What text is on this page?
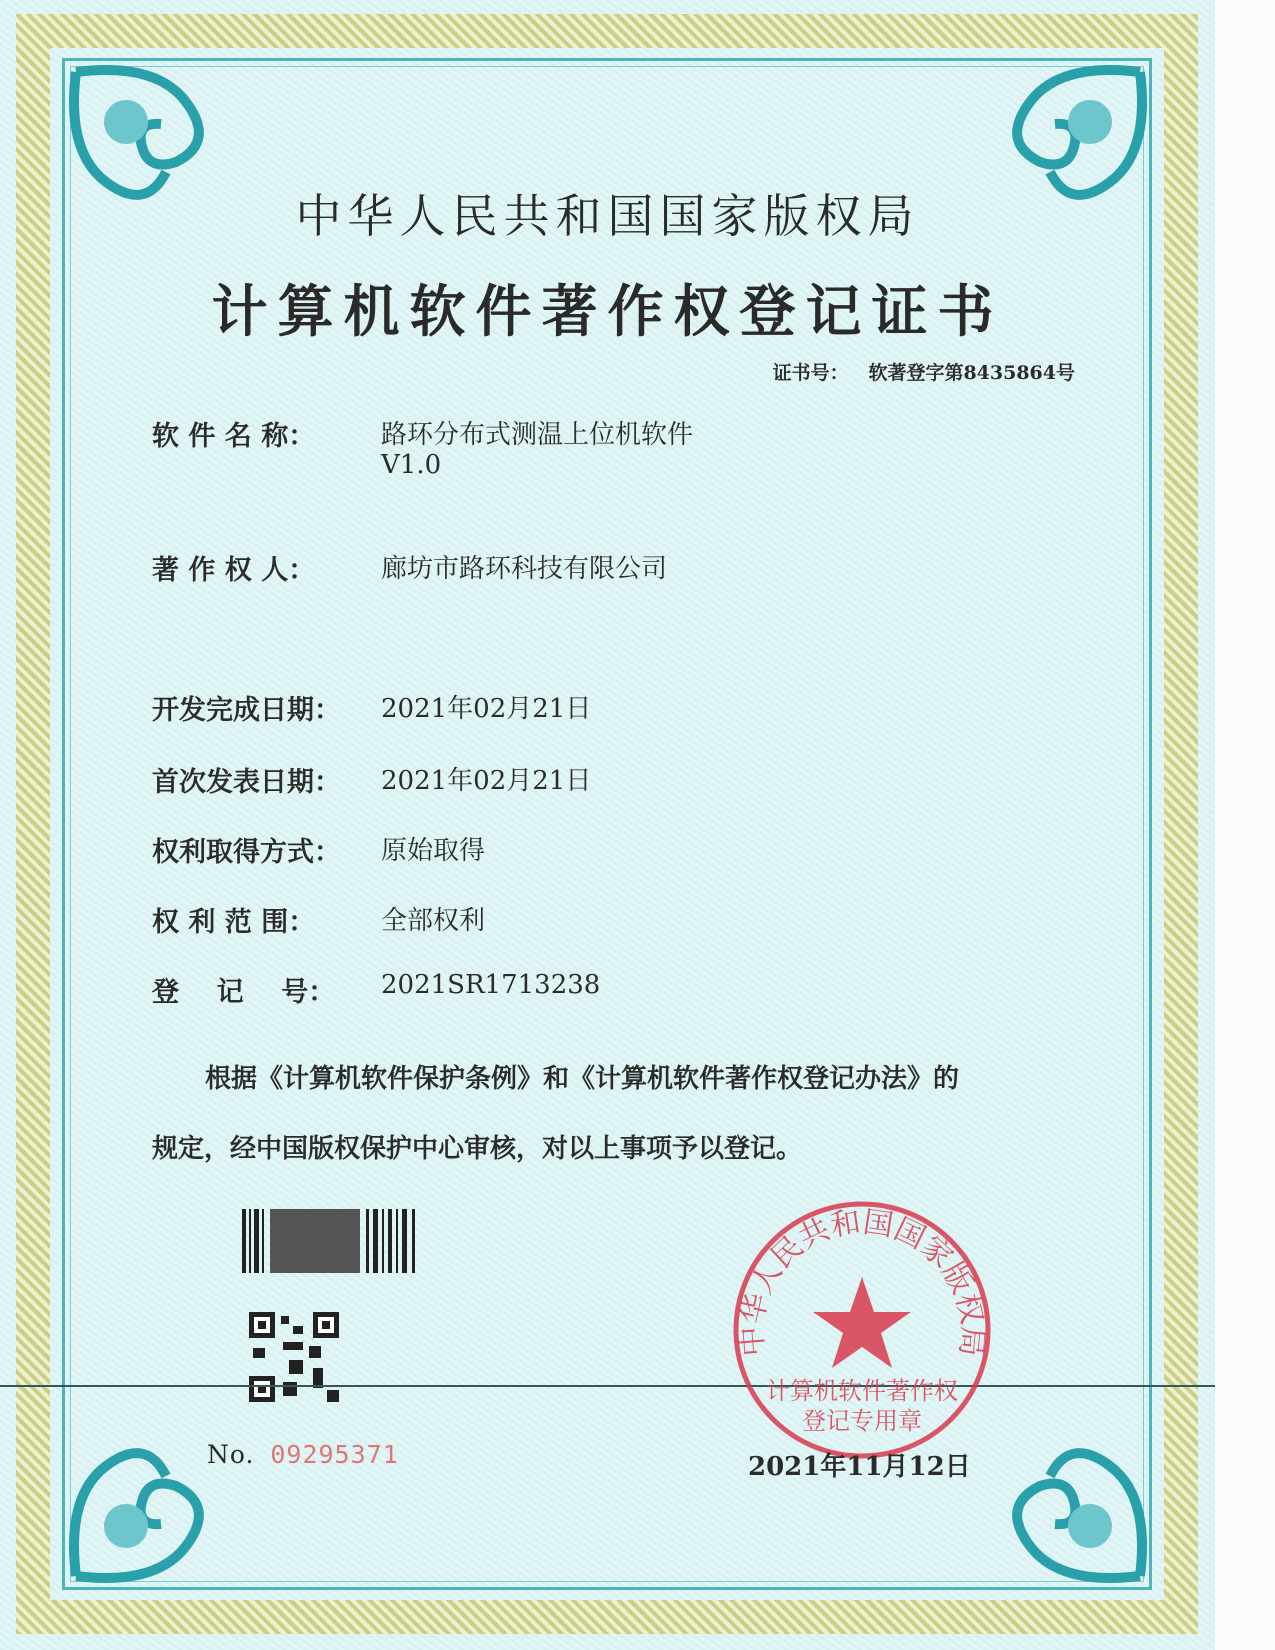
中华人民共和国国家版权局
计算机软件著作权登记证书
证书号： 软著登字第8435864号
软 件 名 称：	路环分布式测温上位机软件
V1.0
著 作 权 人：	廊坊市路环科技有限公司
开发完成日期： 2021年02月21日
首次发表日期： 2021年02月21日
权利取得方式： 原始取得
权 利 范 围：	全部权利
登    记    号： 2021SR1713238
根据《计算机软件保护条例》和《计算机软件著作权登记办法》的
规定，经中国版权保护中心审核，对以上事项予以登记。
No. 09295371
中华人民共和国国家版权局
计算机软件著作权
登记专用章
2021年11月12日
